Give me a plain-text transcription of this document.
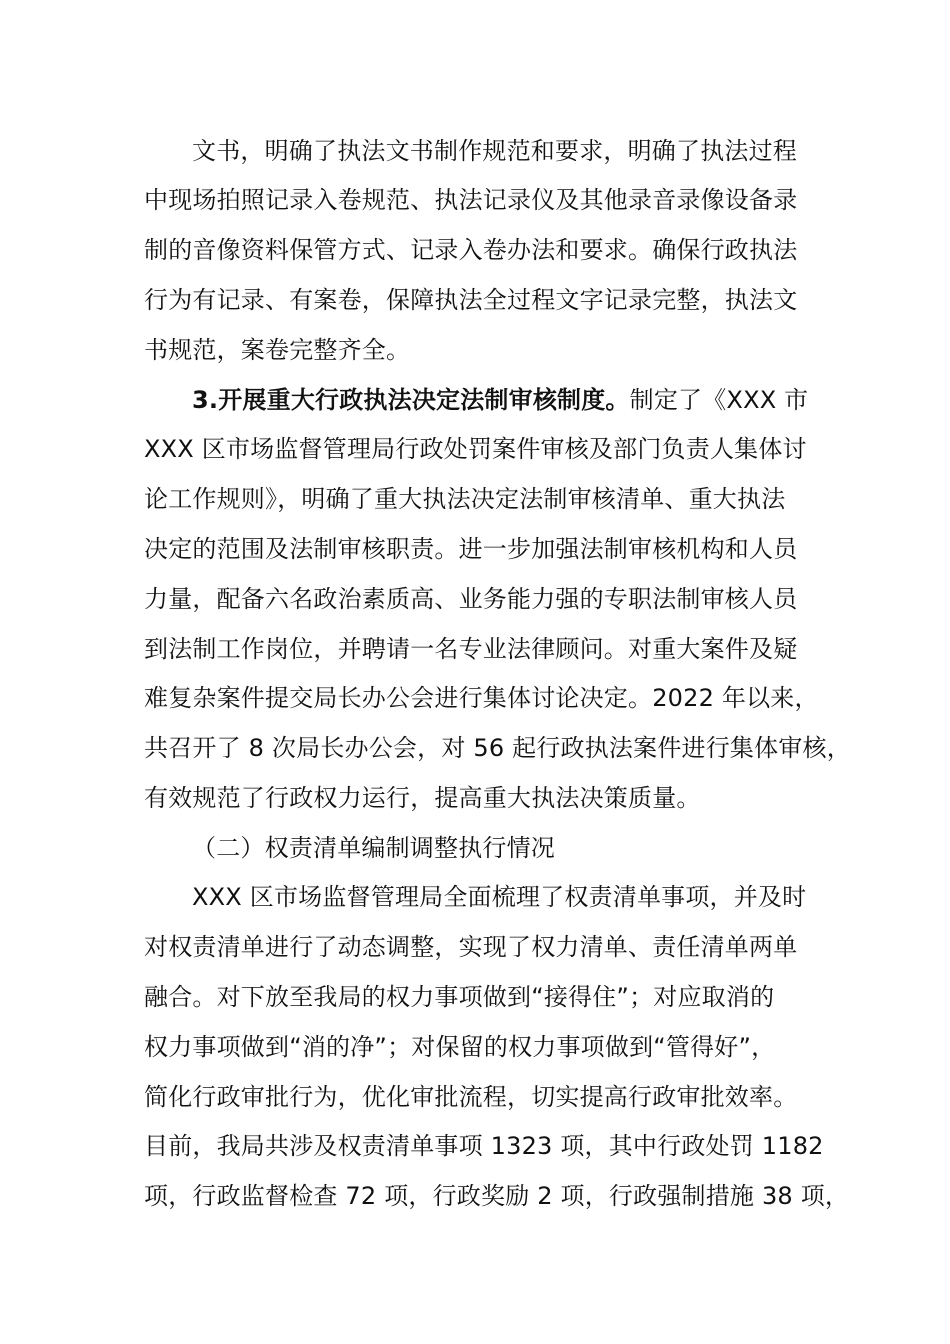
文书，明确了执法文书制作规范和要求，明确了执法过程
中现场拍照记录入卷规范、执法记录仪及其他录音录像设备录
制的音像资料保管方式、记录入卷办法和要求。确保行政执法
行为有记录、有案卷，保障执法全过程文字记录完整，执法文
书规范，案卷完整齐全。
3.开展重大行政执法决定法制审核制度。制定了《XXX 市
XXX 区市场监督管理局行政处罚案件审核及部门负责人集体讨
论工作规则》，明确了重大执法决定法制审核清单、重大执法
决定的范围及法制审核职责。进一步加强法制审核机构和人员
力量，配备六名政治素质高、业务能力强的专职法制审核人员
到法制工作岗位，并聘请一名专业法律顾问。对重大案件及疑
难复杂案件提交局长办公会进行集体讨论决定。2022 年以来，
共召开了 8 次局长办公会，对 56 起行政执法案件进行集体审核，
有效规范了行政权力运行，提高重大执法决策质量。
（二）权责清单编制调整执行情况
XXX 区市场监督管理局全面梳理了权责清单事项，并及时
对权责清单进行了动态调整，实现了权力清单、责任清单两单
融合。对下放至我局的权力事项做到“接得住”；对应取消的
权力事项做到“消的净”；对保留的权力事项做到“管得好”，
简化行政审批行为，优化审批流程，切实提高行政审批效率。
目前，我局共涉及权责清单事项 1323 项，其中行政处罚 1182
项，行政监督检查 72 项，行政奖励 2 项，行政强制措施 38 项，
